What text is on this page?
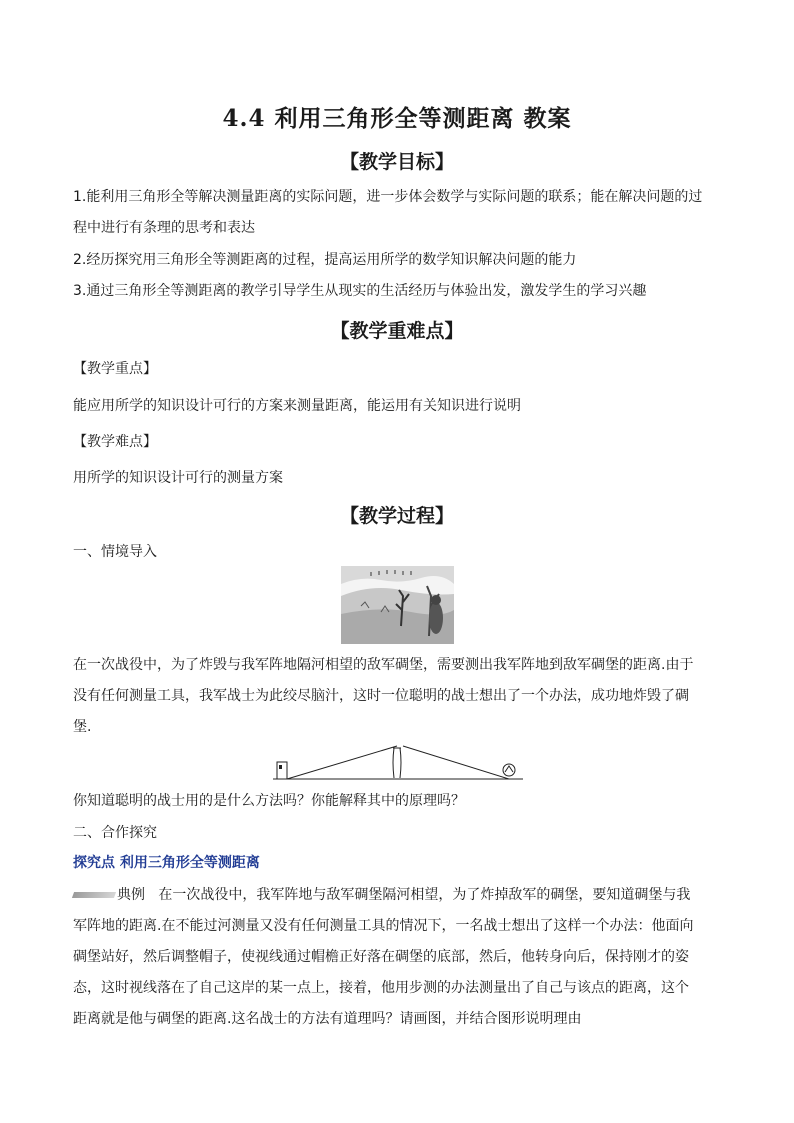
4.4 利用三角形全等测距离 教案
【教学目标】
1.能利用三角形全等解决测量距离的实际问题，进一步体会数学与实际问题的联系；能在解决问题的过
程中进行有条理的思考和表达
2.经历探究用三角形全等测距离的过程，提高运用所学的数学知识解决问题的能力
3.通过三角形全等测距离的教学引导学生从现实的生活经历与体验出发，激发学生的学习兴趣
【教学重难点】
【教学重点】
能应用所学的知识设计可行的方案来测量距离，能运用有关知识进行说明
【教学难点】
用所学的知识设计可行的测量方案
【教学过程】
一、情境导入
在一次战役中，为了炸毁与我军阵地隔河相望的敌军碉堡，需要测出我军阵地到敌军碉堡的距离.由于
没有任何测量工具，我军战士为此绞尽脑汁，这时一位聪明的战士想出了一个办法，成功地炸毁了碉
堡.
你知道聪明的战士用的是什么方法吗？你能解释其中的原理吗？
二、合作探究
探究点 利用三角形全等测距离
典例 在一次战役中，我军阵地与敌军碉堡隔河相望，为了炸掉敌军的碉堡，要知道碉堡与我
军阵地的距离.在不能过河测量又没有任何测量工具的情况下，一名战士想出了这样一个办法：他面向
碉堡站好，然后调整帽子，使视线通过帽檐正好落在碉堡的底部，然后，他转身向后，保持刚才的姿
态，这时视线落在了自己这岸的某一点上，接着，他用步测的办法测量出了自己与该点的距离，这个
距离就是他与碉堡的距离.这名战士的方法有道理吗？请画图，并结合图形说明理由
